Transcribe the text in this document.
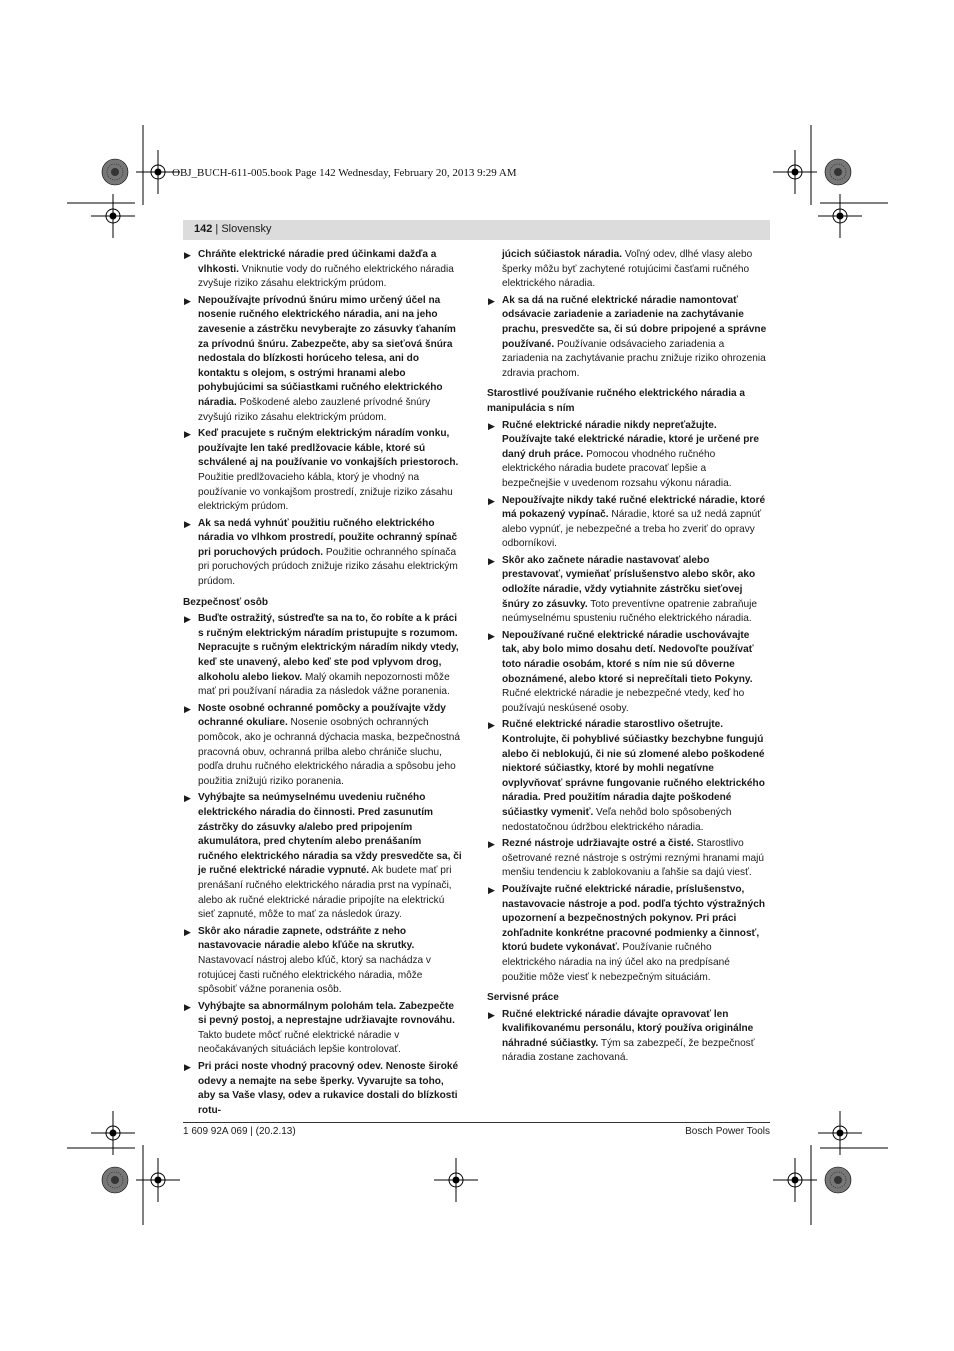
OBJ_BUCH-611-005.book Page 142 Wednesday, February 20, 2013 9:29 AM
142 | Slovensky
▶ Chráňte elektrické náradie pred účinkami dažďa a vlhkosti. Vniknutie vody do ručného elektrického náradia zvyšuje riziko zásahu elektrickým prúdom.
▶ Nepoužívajte prívodnú šnúru mimo určený účel na nosenie ručného elektrického náradia, ani na jeho zavesenie a zástrčku nevyberajte zo zásuvky ťahaním za prívodnú šnúru. Zabezpečte, aby sa sieťová šnúra nedostala do blízkosti horúceho telesa, ani do kontaktu s olejom, s ostrými hranami alebo pohybujúcimi sa súčiastkami ručného elektrického náradia. Poškodené alebo zauzlené prívodné šnúry zvyšujú riziko zásahu elektrickým prúdom.
▶ Keď pracujete s ručným elektrickým náradím vonku, používajte len také predlžovacie káble, ktoré sú schválené aj na používanie vo vonkajších priestoroch. Použitie predlžovacieho kábla, ktorý je vhodný na používanie vo vonkajšom prostredí, znižuje riziko zásahu elektrickým prúdom.
▶ Ak sa nedá vyhnúť použitiu ručného elektrického náradia vo vlhkom prostredí, použite ochranný spínač pri poruchových prúdoch. Použitie ochranného spínača pri poruchových prúdoch znižuje riziko zásahu elektrickým prúdom.
Bezpečnosť osôb
▶ Buďte ostražitý, sústreďte sa na to, čo robíte a k práci s ručným elektrickým náradím pristupujte s rozumom. Nepracujte s ručným elektrickým náradím nikdy vtedy, keď ste unavený, alebo keď ste pod vplyvom drog, alkoholu alebo liekov. Malý okamih nepozornosti môže mať pri používaní náradia za následok vážne poranenia.
▶ Noste osobné ochranné pomôcky a používajte vždy ochranné okuliare. Nosenie osobných ochranných pomôcok, ako je ochranná dýchacia maska, bezpečnostná pracovná obuv, ochranná prilba alebo chrániče sluchu, podľa druhu ručného elektrického náradia a spôsobu jeho použitia znižujú riziko poranenia.
▶ Vyhýbajte sa neúmyselnému uvedeniu ručného elektrického náradia do činnosti. Pred zasunutím zástrčky do zásuvky a/alebo pred pripojením akumulátora, pred chytením alebo prenášaním ručného elektrického náradia sa vždy presvedčte sa, či je ručné elektrické náradie vypnuté. Ak budete mať pri prenášaní ručného elektrického náradia prst na vypínači, alebo ak ručné elektrické náradie pripojíte na elektrickú sieť zapnuté, môže to mať za následok úrazy.
▶ Skôr ako náradie zapnete, odstráňte z neho nastavovacie náradie alebo kľúče na skrutky. Nastavovací nástroj alebo kľúč, ktorý sa nachádza v rotujúcej časti ručného elektrického náradia, môže spôsobiť vážne poranenia osôb.
▶ Vyhýbajte sa abnormálnym polohám tela. Zabezpečte si pevný postoj, a neprestajne udržiavajte rovnováhu. Takto budete môcť ručné elektrické náradie v neočakávaných situáciách lepšie kontrolovať.
▶ Pri práci noste vhodný pracovný odev. Nenoste široké odevy a nemajte na sebe šperky. Vyvarujte sa toho, aby sa Vaše vlasy, odev a rukavice dostali do blízkosti rotu-
júcich súčiastok náradia. Voľný odev, dlhé vlasy alebo šperky môžu byť zachytené rotujúcimi časťami ručného elektrického náradia.
▶ Ak sa dá na ručné elektrické náradie namontovať odsávacie zariadenie a zariadenie na zachytávanie prachu, presvedčte sa, či sú dobre pripojené a správne používané. Používanie odsávacieho zariadenia a zariadenia na zachytávanie prachu znižuje riziko ohrozenia zdravia prachom.
Starostlivé používanie ručného elektrického náradia a manipulácia s ním
▶ Ručné elektrické náradie nikdy nepreťažujte. Používajte také elektrické náradie, ktoré je určené pre daný druh práce. Pomocou vhodného ručného elektrického náradia budete pracovať lepšie a bezpečnejšie v uvedenom rozsahu výkonu náradia.
▶ Nepoužívajte nikdy také ručné elektrické náradie, ktoré má pokazený vypínač. Náradie, ktoré sa už nedá zapnúť alebo vypnúť, je nebezpečné a treba ho zveriť do opravy odborníkovi.
▶ Skôr ako začnete náradie nastavovať alebo prestavovať, vymieňať príslušenstvo alebo skôr, ako odložíte náradie, vždy vytiahnite zástrčku sieťovej šnúry zo zásuvky. Toto preventívne opatrenie zabraňuje neúmyselnému spusteniu ručného elektrického náradia.
▶ Nepoužívané ručné elektrické náradie uschovávajte tak, aby bolo mimo dosahu detí. Nedovoľte používať toto náradie osobám, ktoré s ním nie sú dôverne oboznámené, alebo ktoré si neprečítali tieto Pokyny. Ručné elektrické náradie je nebezpečné vtedy, keď ho používajú neskúsené osoby.
▶ Ručné elektrické náradie starostlivo ošetrujte. Kontrolujte, či pohyblivé súčiastky bezchybne fungujú alebo či neblokujú, či nie sú zlomené alebo poškodené niektoré súčiastky, ktoré by mohli negatívne ovplyvňovať správne fungovanie ručného elektrického náradia. Pred použitím náradia dajte poškodené súčiastky vymeniť. Veľa nehôd bolo spôsobených nedostatočnou údržbou elektrického náradia.
▶ Rezné nástroje udržiavajte ostré a čisté. Starostlivo ošetrované rezné nástroje s ostrými reznými hranami majú menšiu tendenciu k zablokovaniu a ľahšie sa dajú viesť.
▶ Používajte ručné elektrické náradie, príslušenstvo, nastavovacie nástroje a pod. podľa týchto výstražných upozornení a bezpečnostných pokynov. Pri práci zohľadnite konkrétne pracovné podmienky a činnosť, ktorú budete vykonávať. Používanie ručného elektrického náradia na iný účel ako na predpísané použitie môže viesť k nebezpečným situáciám.
Servisné práce
▶ Ručné elektrické náradie dávajte opravovať len kvalifikovanému personálu, ktorý používa originálne náhradné súčiastky. Tým sa zabezpečí, že bezpečnosť náradia zostane zachovaná.
1 609 92A 069 | (20.2.13)	Bosch Power Tools
